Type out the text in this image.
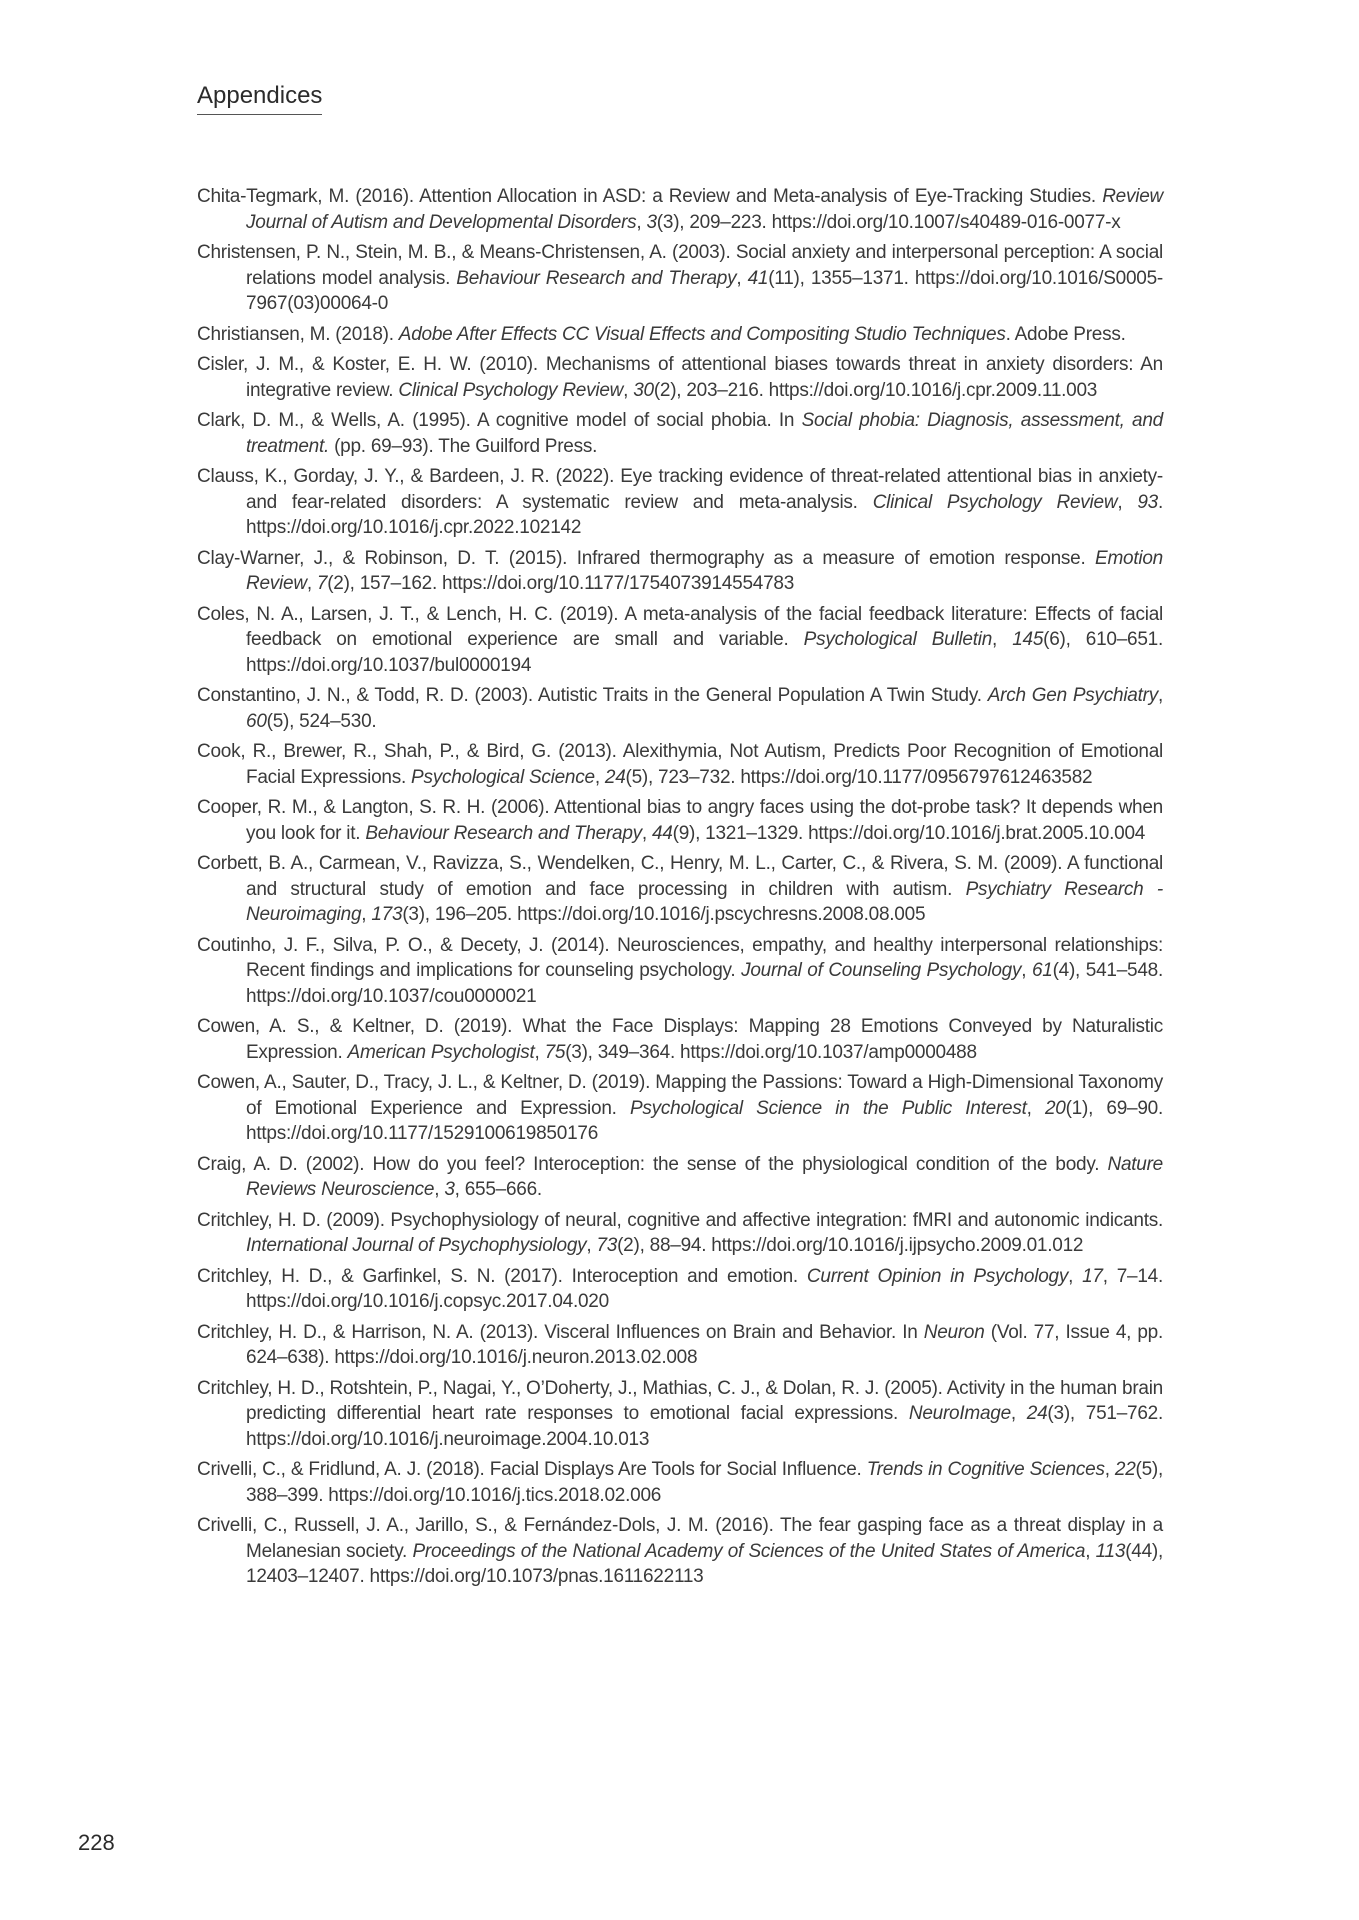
Appendices
Chita-Tegmark, M. (2016). Attention Allocation in ASD: a Review and Meta-analysis of Eye-Tracking Studies. Review Journal of Autism and Developmental Disorders, 3(3), 209–223. https://doi.org/10.1007/s40489-016-0077-x
Christensen, P. N., Stein, M. B., & Means-Christensen, A. (2003). Social anxiety and interpersonal perception: A social relations model analysis. Behaviour Research and Therapy, 41(11), 1355–1371. https://doi.org/10.1016/S0005-7967(03)00064-0
Christiansen, M. (2018). Adobe After Effects CC Visual Effects and Compositing Studio Techniques. Adobe Press.
Cisler, J. M., & Koster, E. H. W. (2010). Mechanisms of attentional biases towards threat in anxiety disorders: An integrative review. Clinical Psychology Review, 30(2), 203–216. https://doi.org/10.1016/j.cpr.2009.11.003
Clark, D. M., & Wells, A. (1995). A cognitive model of social phobia. In Social phobia: Diagnosis, assessment, and treatment. (pp. 69–93). The Guilford Press.
Clauss, K., Gorday, J. Y., & Bardeen, J. R. (2022). Eye tracking evidence of threat-related attentional bias in anxiety- and fear-related disorders: A systematic review and meta-analysis. Clinical Psychology Review, 93. https://doi.org/10.1016/j.cpr.2022.102142
Clay-Warner, J., & Robinson, D. T. (2015). Infrared thermography as a measure of emotion response. Emotion Review, 7(2), 157–162. https://doi.org/10.1177/1754073914554783
Coles, N. A., Larsen, J. T., & Lench, H. C. (2019). A meta-analysis of the facial feedback literature: Effects of facial feedback on emotional experience are small and variable. Psychological Bulletin, 145(6), 610–651. https://doi.org/10.1037/bul0000194
Constantino, J. N., & Todd, R. D. (2003). Autistic Traits in the General Population A Twin Study. Arch Gen Psychiatry, 60(5), 524–530.
Cook, R., Brewer, R., Shah, P., & Bird, G. (2013). Alexithymia, Not Autism, Predicts Poor Recognition of Emotional Facial Expressions. Psychological Science, 24(5), 723–732. https://doi.org/10.1177/0956797612463582
Cooper, R. M., & Langton, S. R. H. (2006). Attentional bias to angry faces using the dot-probe task? It depends when you look for it. Behaviour Research and Therapy, 44(9), 1321–1329. https://doi.org/10.1016/j.brat.2005.10.004
Corbett, B. A., Carmean, V., Ravizza, S., Wendelken, C., Henry, M. L., Carter, C., & Rivera, S. M. (2009). A functional and structural study of emotion and face processing in children with autism. Psychiatry Research - Neuroimaging, 173(3), 196–205. https://doi.org/10.1016/j.pscychresns.2008.08.005
Coutinho, J. F., Silva, P. O., & Decety, J. (2014). Neurosciences, empathy, and healthy interpersonal relationships: Recent findings and implications for counseling psychology. Journal of Counseling Psychology, 61(4), 541–548. https://doi.org/10.1037/cou0000021
Cowen, A. S., & Keltner, D. (2019). What the Face Displays: Mapping 28 Emotions Conveyed by Naturalistic Expression. American Psychologist, 75(3), 349–364. https://doi.org/10.1037/amp0000488
Cowen, A., Sauter, D., Tracy, J. L., & Keltner, D. (2019). Mapping the Passions: Toward a High-Dimensional Taxonomy of Emotional Experience and Expression. Psychological Science in the Public Interest, 20(1), 69–90. https://doi.org/10.1177/1529100619850176
Craig, A. D. (2002). How do you feel? Interoception: the sense of the physiological condition of the body. Nature Reviews Neuroscience, 3, 655–666.
Critchley, H. D. (2009). Psychophysiology of neural, cognitive and affective integration: fMRI and autonomic indicants. International Journal of Psychophysiology, 73(2), 88–94. https://doi.org/10.1016/j.ijpsycho.2009.01.012
Critchley, H. D., & Garfinkel, S. N. (2017). Interoception and emotion. Current Opinion in Psychology, 17, 7–14. https://doi.org/10.1016/j.copsyc.2017.04.020
Critchley, H. D., & Harrison, N. A. (2013). Visceral Influences on Brain and Behavior. In Neuron (Vol. 77, Issue 4, pp. 624–638). https://doi.org/10.1016/j.neuron.2013.02.008
Critchley, H. D., Rotshtein, P., Nagai, Y., O’Doherty, J., Mathias, C. J., & Dolan, R. J. (2005). Activity in the human brain predicting differential heart rate responses to emotional facial expressions. NeuroImage, 24(3), 751–762. https://doi.org/10.1016/j.neuroimage.2004.10.013
Crivelli, C., & Fridlund, A. J. (2018). Facial Displays Are Tools for Social Influence. Trends in Cognitive Sciences, 22(5), 388–399. https://doi.org/10.1016/j.tics.2018.02.006
Crivelli, C., Russell, J. A., Jarillo, S., & Fernández-Dols, J. M. (2016). The fear gasping face as a threat display in a Melanesian society. Proceedings of the National Academy of Sciences of the United States of America, 113(44), 12403–12407. https://doi.org/10.1073/pnas.1611622113
228
